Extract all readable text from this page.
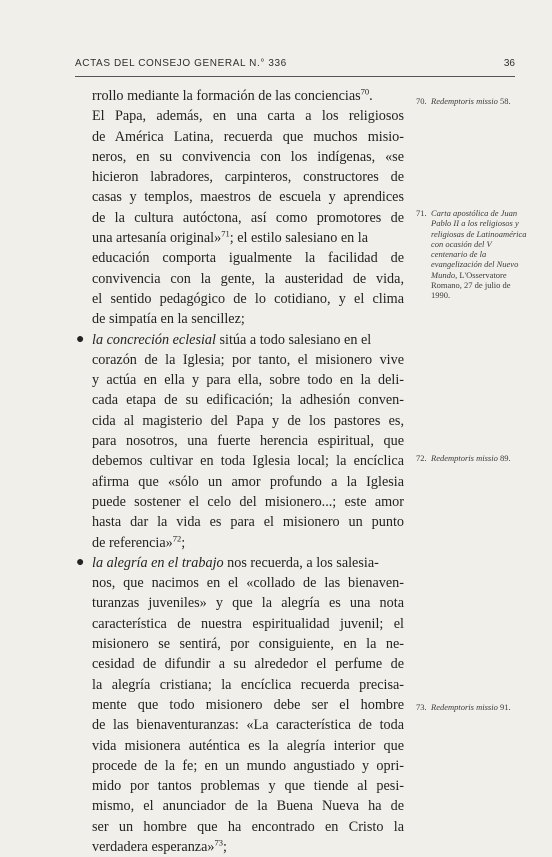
ACTAS DEL CONSEJO GENERAL N.° 336	36
rrollo mediante la formación de las conciencias$^{70}$.
El Papa, además, en una carta a los religiosos
de América Latina, recuerda que muchos misio-
neros, en su convivencia con los indígenas, «se
hicieron labradores, carpinteros, constructores de
casas y templos, maestros de escuela y aprendices
de la cultura autóctona, así como promotores de
una artesanía original»$^{71}$; el estilo salesiano en la
educación comporta igualmente la facilidad de
convivencia con la gente, la austeridad de vida,
el sentido pedagógico de lo cotidiano, y el clima
de simpatía en la sencillez;
● la concreción eclesial sitúa a todo salesiano en el
corazón de la Iglesia; por tanto, el misionero vive
y actúa en ella y para ella, sobre todo en la deli-
cada etapa de su edificación; la adhesión conven-
cida al magisterio del Papa y de los pastores es,
para nosotros, una fuerte herencia espiritual, que
debemos cultivar en toda Iglesia local; la encíclica
afirma que «sólo un amor profundo a la Iglesia
puede sostener el celo del misionero...; este amor
hasta dar la vida es para el misionero un punto
de referencia»$^{72}$;
● la alegría en el trabajo nos recuerda, a los salesia-
nos, que nacimos en el «collado de las bienaven-
turanzas juveniles» y que la alegría es una nota
característica de nuestra espiritualidad juvenil; el
misionero se sentirá, por consiguiente, en la ne-
cesidad de difundir a su alrededor el perfume de
la alegría cristiana; la encíclica recuerda precisa-
mente que todo misionero debe ser el hombre
de las bienaventuranzas: «La característica de toda
vida misionera auténtica es la alegría interior que
procede de la fe; en un mundo angustiado y opri-
mido por tantos problemas y que tiende al pesi-
mismo, el anunciador de la Buena Nueva ha de
ser un hombre que ha encontrado en Cristo la
verdadera esperanza»$^{73}$;
70. Redemptoris missio 58.
71. Carta apostólica de Juan Pablo II a los religiosos y religiosas de Latinoamérica con ocasión del V centenario de la evangelización del Nuevo Mundo, L'Osservatore Romano, 27 de julio de 1990.
72. Redemptoris missio 89.
73. Redemptoris missio 91.
